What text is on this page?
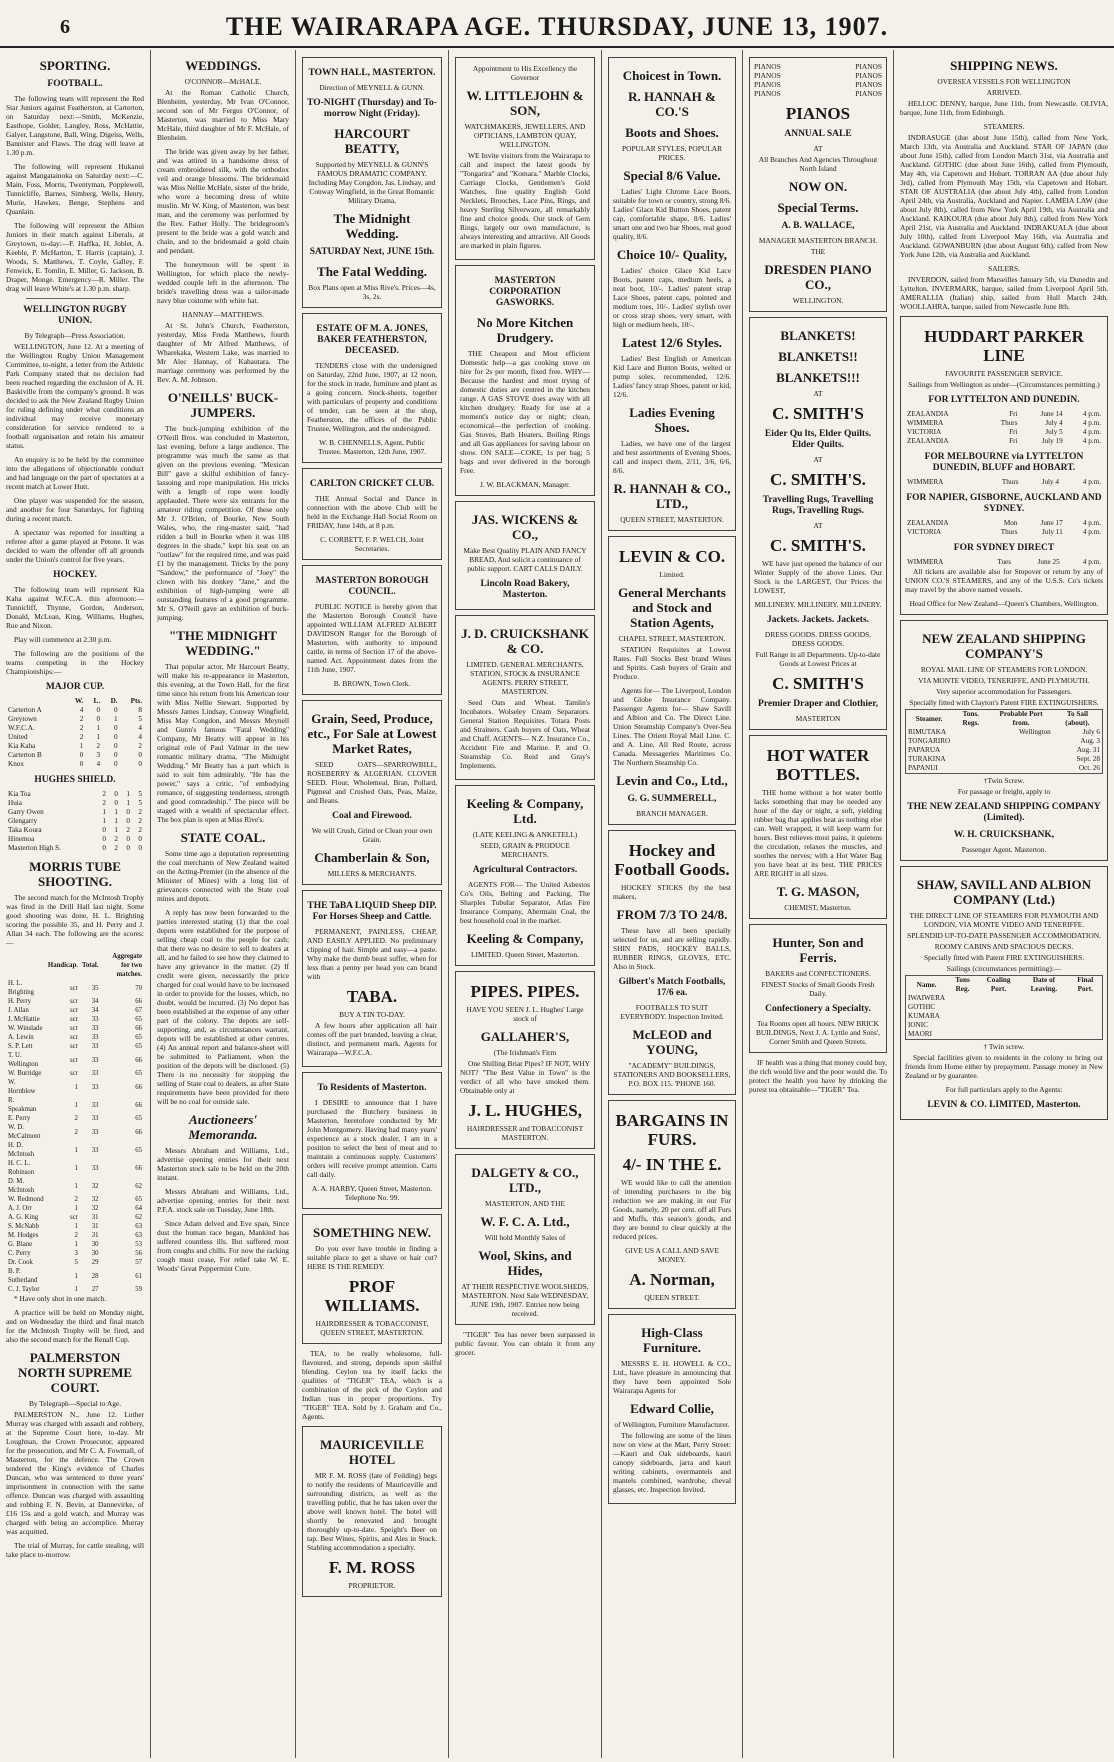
6	THE WAIRARAPA AGE. THURSDAY, JUNE 13, 1907.
SPORTING.
FOOTBALL.

The following team will represent the Red Star Juniors against Featherston, at Carterton, on Saturday next:—Smith, McKenzie, Easthope, Golder, Langley, Ross, McHattie, Galyer, Langstone, Ball, Wing, Digeiss, Wells, Bannister and Flaws. The drag will leave at 1.30 p.m.

The following will represent Hukanui against Mangatainoka on Saturday next:—C. Main, Foss, Morris, Twentyman, Popplewell, Tunnicliffe, Barnes, Simberg, Wells, Henry, Murie, Hawkes, Benge, Stephens and Quanlain.

The following will represent the Albion Juniors in their match against Liberals, at Greytown, to-day:—F. Haffka, H. Joblet, A. Keeble, P. McHarton, T. Harris (captain), J. Woods, S. Matthews, T. Coyle, Galley, F. Fenwick, E. Tomlin, E. Miller, G. Jackson, B. Draper, Monge. Emergency—R. Miller. The drag will leave White's at 1.30 p.m. sharp.

WELLINGTON RUGBY UNION.
By Telegraph—Press Association.

WELLINGTON, June 12. At a meeting of the Wellington Rugby Union Management Committee, to-night, a letter from the Athletic Park Company stated that no decision had been reached regarding the exclusion of A. H. Baskiville from the company's ground. It was decided to ask the New Zealand Rugby Union for ruling defining under what conditions an individual may receive monetary consideration for service rendered to a football organisation and retain his amateur status.

An enquiry is to be held by the committee into the allegations of objectionable conduct and bad language on the part of spectators at a recent match at Lower Hutt.

One player was suspended for the season, and another for four Saturdays, for fighting during a recent match.

A spectator was reported for insulting a referee after a game played at Petone. It was decided to warn the offender off all grounds under the Union's control for five years.

HOCKEY.

The following team will represent Kia Kaha against W.F.C.A. this afternoon:—Tunnicliff, Thynne, Gordon, Anderson, Donald, McLean, King, Williams, Hughes, Rue and Nixon.

Play will commence at 2.30 p.m.

The following are the positions of the teams competing in the Hockey Championships:—

MAJOR CUP.
	W.	L.	D.	Pts.
Carterton A	4	0	0	8
Greytown	2	0	1	5
W.F.C.A.	2	1	0	4
United	2	1	0	4
Kia Kaha	1	2	0	2
Carterton B	0	3	0	0
Knox	0	4	0	0
HUGHES SHIELD.
Kia Toa	2	0	1	5
Huia	2	0	1	5
Garry Owen	1	1	0	2
Glengarry	1	1	0	2
Taka Koura	0	1	2	2
Hinemoa	0	2	0	0
Masterton High S.	0	2	0	0
MORRIS TUBE SHOOTING.

The second match for the McIntosh Trophy was fired in the Drill Hall last night. Some good shooting was done, H. L. Brighting scoring the possible 35, and H. Perry and J. Allan 34 each. The following are the scores:—

	Handicap.	Total.	Aggregate for two matches.
H. L. Brighting	scr	35	70
H. Perry	scr	34	66
J. Allan	scr	34	67
J. McHattie	scr	33	65
W. Winslade	scr	33	66
A. Lewin	scr	33	65
S. P. Lett	scr	33	65
T. U. Wellington	scr	33	66
W. Burridge	scr	33	65
W. Hornblow	1	33	66
R. Speakman	1	33	66
E. Perry	2	33	65
W. D. McCalmont	2	33	66
H. D. McIntosh	1	33	65
H. C. L. Robinson	1	33	66
D. M. McIntosh	1	32	62
W. Redmond	2	32	65
A. J. Orr	1	32	64
A. G. King	scr	31	62
S. McNabb	1	31	63
M. Hodges	2	31	63
G. Blane	1	30	53
C. Perry	3	30	56
Dr. Cook	5	29	57
B. P. Sutherland	1	28	61
C. J. Taylor	1	27	59

* Have only shot in one match.

A practice will be held on Monday night, and on Wednesday the third and final match for the McIntosh Trophy will be fired, and also the second match for the Renall Cup.

PALMERSTON NORTH SUPREME COURT.
By Telegraph—Special to Age.

PALMERSTON N., June 12. Luther Murray was charged with assault and robbery, at the Supreme Court here, to-day. Mr Loughnan, the Crown Prosecutor, appeared for the prosecution, and Mr C. A. Fowmall, of Masterton, for the defence. The Crown tendered the King's evidence of Charles Duncan, who was sentenced to three years' imprisonment in connection with the same offence. Duncan was charged with assaulting and robbing F. N. Bevin, at Dannevirke, of £16 15s and a gold watch, and Murray was charged with being an accomplice. Murray was acquitted.

The trial of Murray, for cattle stealing, will take place to-morrow.

WEDDINGS.
O'CONNOR—McHALE.

At the Roman Catholic Church, Blenheim, yesterday, Mr Ivan O'Connor, second son of Mr Fergus O'Connor, of Masterton, was married to Miss Mary McHale, third daughter of Mr F. McHale, of Blenheim.

The bride was given away by her father, and was attired in a handsome dress of cream embroidered silk, with the orthodox veil and orange blossoms. The bridesmaid was Miss Nellie McHale, sister of the bride, who wore a becoming dress of white muslin. Mr W. King, of Masterton, was best man, and the ceremony was performed by the Rev. Father Holly. The bridegroom's present to the bride was a gold watch and chain, and to the bridesmaid a gold chain and pendant.

The honeymoon will be spent in Wellington, for which place the newly-wedded couple left in the afternoon. The bride's travelling dress was a tailor-made navy blue costume with white hat.

HANNAY—MATTHEWS.

At St. John's Church, Featherston, yesterday, Miss Freda Matthews, fourth daughter of Mr Alfred Matthews, of Wharekaka, Western Lake, was married to Mr Alec Hannay, of Kahautara. The marriage ceremony was performed by the Rev. A. M. Johnson.

O'NEILLS' BUCK-JUMPERS.

The buck-jumping exhibition of the O'Neill Bros. was concluded in Masterton, last evening, before a large audience. The programme was much the same as that given on the previous evening. "Mexican Bill" gave a skilful exhibition of fancy-lassoing and rope manipulation. His tricks with a length of rope were loudly applauded. There were six entrants for the amateur riding competition. Of these only Mr J. O'Brien, of Bourke, New South Wales, who, the ring-master said, "had ridden a bull in Bourke when it was 108 degrees in the shade," kept his seat on an "outlaw" for the required time, and was paid £1 by the management. Tricks by the pony "Sandow," the performance of "Joey" the clown with his donkey "Jane," and the exhibition of high-jumping were all outstanding features of a good programme. Mr S. O'Neill gave an exhibition of buck-jumping.

"THE MIDNIGHT WEDDING."

That popular actor, Mr Harcourt Beatty, will make his re-appearance in Masterton, this evening, at the Town Hall, for the first time since his return from his American tour with Miss Nellie Stewart. Supported by Messrs James Lindsay, Conway Wingfield, Miss May Congdon, and Messrs Meynell and Gunn's famous "Fatal Wedding" Company, Mr Beatty will appear in his original role of Paul Valmar in the new romantic military drama, "The Midnight Wedding." Mr Beatty has a part which is said to suit him admirably. "He has the power," says a critic, "of embodying romance, of suggesting tenderness, strength and good comradeship." The piece will be staged with a wealth of spectacular effect. The box plan is open at Miss Rive's.

STATE COAL.

Some time ago a deputation representing the coal merchants of New Zealand waited on the Acting-Premier (in the absence of the Minister of Mines) with a long list of grievances connected with the State coal mines and depots.

A reply has now been forwarded to the parties interested stating (1) that the coal depots were established for the purpose of selling cheap coal to the people for cash; that there was no desire to sell to dealers at all, and he failed to see how they claimed to have any grievance in the matter. (2) If credit were given, necessarily the price charged for coal would have to be increased in order to provide for the losses, which, no doubt, would be incurred. (3) No depot has been established at the expense of any other part of the colony. The depots are self-supporting, and, as circumstances warrant, depots will be established at other centres. (4) An annual report and balance-sheet will be submitted to Parliament, when the position of the depots will be disclosed. (5) There is no necessity for stopping the selling of State coal to dealers, as after State requirements have been provided for there will be no coal for outside sale.

Auctioneers' Memoranda.

Messrs Abraham and Williams, Ltd., advertise opening entries for their next Masterton stock sale to be held on the 20th instant.

Messrs Abraham and Williams, Ltd., advertise opening entries for their next P.F.A. stock sale on Tuesday, June 18th.

Since Adam delved and Eve span, Since dust the human race began, Mankind has suffered countless ills. But suffered most from coughs and chills. For now the racking cough must cease, For relief take W. E. Woods' Great Peppermint Cure.

TOWN HALL, MASTERTON.
Direction of MEYNELL & GUNN.
TO-NIGHT (Thursday) and To-morrow Night (Friday).
HARCOURT BEATTY,
Supported by MEYNELL & GUNN'S FAMOUS DRAMATIC COMPANY. Including May Congdon, Jas. Lindsay, and Conway Wingfield, in the Great Romantic Military Drama,
The Midnight Wedding.
SATURDAY Next, JUNE 15th.
The Fatal Wedding.
Box Plans open at Miss Rive's. Prices—4s, 3s, 2s.
ESTATE OF M. A. JONES, BAKER FEATHERSTON, DECEASED.

TENDERS close with the undersigned on Saturday, 22nd June, 1907, at 12 noon, for the stock in trade, furniture and plant as a going concern. Stock-sheets, together with particulars of property and conditions of tender, can be seen at the shop, Featherston, the offices of the Public Trustee, Wellington, and the undersigned.

W. B. CHENNELLS, Agent, Public Trustee. Masterton, 12th June, 1907.
CARLTON CRICKET CLUB.

THE Annual Social and Dance in connection with the above Club will be held in the Exchange Hall Social Room on FRIDAY, June 14th, at 8 p.m.

C. CORBETT, F. P. WELCH, Joint Secretaries.
MASTERTON BOROUGH COUNCIL.

PUBLIC NOTICE is hereby given that the Masterton Borough Council have appointed WILLIAM ALFRED ALBERT DAVIDSON Ranger for the Borough of Masterton, with authority to impound cattle, in terms of Section 17 of the above-named Act. Appointment dates from the 11th June, 1907.

B. BROWN, Town Clerk.
Grain, Seed, Produce, etc., For Sale at Lowest Market Rates,

SEED OATS—SPARROWBILL, ROSEBERRY & ALGERIAN. CLOVER SEED. Flour, Wholemeal, Bran, Pollard, Pigmeal and Crushed Oats, Peas, Maize, and Beans.

Coal and Firewood.
We will Crush, Grind or Clean your own Grain.
Chamberlain & Son,
MILLERS & MERCHANTS.
THE TaBA LIQUID Sheep DIP. For Horses Sheep and Cattle.

PERMANENT, PAINLESS, CHEAP, AND EASILY APPLIED. No preliminary clipping of hair. Simple and easy—a paste. Why make the dumb beast suffer, when for less than a penny per head you can brand with

TABA.
BUY A TIN TO-DAY.

A few hours after application all hair comes off the part branded, leaving a clear, distinct, and permanent mark. Agents for Wairarapa—W.F.C.A.

To Residents of Masterton.

I DESIRE to announce that I have purchased the Butchery business in Masterton, heretofore conducted by Mr John Montgomery. Having had many years' experience as a stock dealer, I am in a position to select the best of meat and to maintain a continuous supply. Customers' orders will receive prompt attention. Carts call daily.

A. A. HARBY, Queen Street, Masterton. Telephone No. 99.
SOMETHING NEW.

Do you ever have trouble in finding a suitable place to get a shave or hair cut? HERE IS THE REMEDY.

PROF WILLIAMS.
HAIRDRESSER & TOBACCONIST, QUEEN STREET, MASTERTON.

TEA, to be really wholesome, full-flavoured, and strong, depends upon skilful blending. Ceylon tea by itself lacks the qualities of "TIGER" TEA, which is a combination of the pick of the Ceylon and Indian teas in proper proportions. Try "TIGER" TEA. Sold by J. Graham and Co., Agents.

MAURICEVILLE HOTEL

MR F. M. ROSS (late of Feilding) begs to notify the residents of Mauriceville and surrounding districts, as well as the travelling public, that he has taken over the above well known hotel. The hotel will shortly be renovated and brought thoroughly up-to-date. Speight's Beer on tap. Best Wines, Spirits, and Ales in Stock. Stabling accommodation a specialty.

F. M. ROSS
PROPRIETOR.
Appointment to His Excellency the Governor
W. LITTLEJOHN & SON,
WATCHMAKERS, JEWELLERS, AND OPTICIANS, LAMBTON QUAY, WELLINGTON.

WE Invite visitors from the Wairarapa to call and inspect the latest goods by "Tongarira" and "Komara." Marble Clocks, Carriage Clocks, Gentlemen's Gold Watches, fine quality English Gold Necklets, Brooches, Lace Pins, Rings, and heavy Sterling Silverware, all remarkably fine and choice goods. Our stock of Gem Rings, largely our own manufacture, is always interesting and attractive. All Goods are marked in plain figures.

MASTERTON CORPORATION GASWORKS.
No More Kitchen Drudgery.

THE Cheapest and Most efficient Domestic help—a gas cooking stove on hire for 2s per month, fixed free. WHY—Because the hardest and most trying of domestic duties are centred in the kitchen range. A GAS STOVE does away with all kitchen drudgery. Ready for use at a moment's notice day or night; clean, economical—the perfection of cooking. Gas Stoves, Bath Heaters, Boiling Rings and all Gas appliances for saving labour on show. ON SALE—COKE, 1s per bag; 5 bags and over delivered in the borough Free.

J. W. BLACKMAN, Manager.
JAS. WICKENS & CO.,
Make Best Quality PLAIN AND FANCY BREAD, And solicit a continuance of public support. CART CALLS DAILY.
Lincoln Road Bakery, Masterton.
J. D. CRUICKSHANK & CO.
LIMITED. GENERAL MERCHANTS, STATION, STOCK & INSURANCE AGENTS. PERRY STREET, MASTERTON.

Seed Oats and Wheat. Tamlin's Incubators. Wolseley Cream Separators. General Station Requisites. Totara Posts and Strainers. Cash buyers of Oats, Wheat and Chaff. AGENTS— N.Z. Insurance Co., Accident Fire and Marine. P. and O. Steamship Co. Reid and Gray's Implements.

Keeling & Company, Ltd.
(LATE KEELING & ANKETELL)
SEED, GRAIN & PRODUCE MERCHANTS.
Agricultural Contractors.

AGENTS FOR— The United Asbestos Co's Oils, Belting and Packing, The Sharples Tubular Separator, Atlas Fire Insurance Company, Abermain Coal, the best household coal in the market.

Keeling & Company,
LIMITED. Queen Street, Masterton.
PIPES. PIPES.
HAVE YOU SEEN J. L. Hughes' Large stock of
GALLAHER'S,
(The Irishman's Firm

One Shilling Briar Pipes? IF NOT, WHY NOT? "The Best Value in Town" is the verdict of all who have smoked them. Obtainable only at

J. L. HUGHES,
HAIRDRESSER and TOBACCONIST MASTERTON.
DALGETY & CO., LTD.,
MASTERTON, AND THE
W. F. C. A. Ltd.,
Will hold Monthly Sales of
Wool, Skins, and Hides,
AT THEIR RESPECTIVE WOOLSHEDS, MASTERTON. Next Sale WEDNESDAY, JUNE 19th, 1907. Entries now being received.

"TIGER" Tea has never been surpassed in public favour. You can obtain it from any grocer.

Choicest in Town.
R. HANNAH & CO.'S
Boots and Shoes.
POPULAR STYLES, POPULAR PRICES.
Special 8/6 Value.

Ladies' Light Chrome Lace Boots, suitable for town or country, strong 8/6. Ladies' Glace Kid Button Shoes, patent cap, comfortable shape, 8/6. Ladies' smart one and two bar Shoes, real good quality, 8/6.

Choice 10/- Quality,

Ladies' choice Glace Kid Lace Boots, patent caps, medium heels, a neat boot, 10/-. Ladies' patent strap Lace Shoes, patent caps, pointed and medium toes, 10/-. Ladies' stylish over or cross strap shoes, very smart, with high or medium heels, 10/-.

Latest 12/6 Styles.

Ladies' Best English or American Kid Lace and Button Boots, welted or pump soles, recommended, 12/6. Ladies' fancy strap Shoes, patent or kid, 12/6.

Ladies Evening Shoes.

Ladies, we have one of the largest and best assortments of Evening Shoes, call and inspect them, 2/11, 3/6, 6/6, 8/6.

R. HANNAH & CO., LTD.,
QUEEN STREET, MASTERTON.
LEVIN & CO.
Limited.
General Merchants and Stock and Station Agents,
CHAPEL STREET, MASTERTON.

STATION Requisites at Lowest Rates. Full Stocks Best brand Wines and Spirits. Cash buyers of Grain and Produce.

Agents for— The Liverpool, London and Globe Insurance Company. Passenger Agents for— Shaw Savill and Albion and Co. The Direct Line. Union Steamship Company's Over-Sea Lines. The Orient Royal Mail Line. C. and A. Line, All Red Route, across Canada. Messageries Maritimes Co. The Northern Steamship Co.

Levin and Co., Ltd.,
G. G. SUMMERELL,
BRANCH MANAGER.
Hockey and Football Goods.

HOCKEY STICKS (by the best makers,

FROM 7/3 TO 24/8.

These have all been specially selected for us, and are selling rapidly. SHIN PADS, HOCKEY BALLS, RUBBER RINGS, GLOVES, ETC. Also in Stock.

Gilbert's Match Footballs, 17/6 ea.
FOOTBALLS TO SUIT EVERYBODY. Inspection Invited.
McLEOD and YOUNG,
"ACADEMY" BUILDINGS, STATIONERS AND BOOKSELLERS, P.O. BOX 115. 'PHONE 160.
BARGAINS IN FURS.
4/- IN THE £.

WE would like to call the attention of intending purchasers to the big reduction we are making in our Fur Goods, namely, 20 per cent. off all Furs and Muffs, this season's goods, and they are bound to clear quickly at the reduced prices.

GIVE US A CALL AND SAVE MONEY.
A. Norman,
QUEEN STREET.
High-Class Furniture.

MESSRS E. H. HOWELL & CO., Ltd., have pleasure in announcing that they have been appointed Sole Wairarapa Agents for

Edward Collie,
of Wellington, Furniture Manufacturer.

The following are some of the lines now on view at the Mart, Perry Street:—Kauri and Oak sideboards, kauri canopy sideboards, jarra and kauri writing cabinets, overmantels and mantels combined, wardrobe, cheval glasses, etc. Inspection Invited.

PIANOS	PIANOS
PIANOS	PIANOS
PIANOS	PIANOS
PIANOS	PIANOS
PIANOS
ANNUAL SALE
AT
All Branches And Agencies Throughout North Island
NOW ON.
Special Terms.
A. B. WALLACE,
MANAGER MASTERTON BRANCH.
THE
DRESDEN PIANO CO.,
WELLINGTON.
BLANKETS!
BLANKETS!!
BLANKETS!!!
AT
C. SMITH'S
Eider Qu lts, Elder Quilts. Elder Quilts.
AT
C. SMITH'S.
Travelling Rugs, Travelling Rugs, Travelling Rugs.
AT
C. SMITH'S.

WE have just opened the balance of our Winter Supply of the above Lines. Our Stock is the LARGEST, Our Prices the LOWEST,

MILLINERY. MILLINERY. MILLINERY.
Jackets. Jackets. Jackets.
DRESS GOODS. DRESS GOODS. DRESS GOODS.
Full Range in all Departments. Up-to-date Goods at Lowest Prices at
C. SMITH'S
Premier Draper and Clothier,
MASTERTON
HOT WATER BOTTLES.

THE home without a hot water bottle lacks something that may be needed any hour of the day or night, a soft, yielding rubber bag that applies heat as nothing else can. Well wrapped, it will keep warm for hours. Best relieves most pains, it quietens the circulation, relaxes the muscles, and soothes the nerves; with a Hot Water Bag you have heat at its best. THE PRICES ARE RIGHT in all sizes.

T. G. MASON,
CHEMIST, Masterton.
Hunter, Son and Ferris.
BAKERS and CONFECTIONERS.
FINEST Stocks of Small Goods Fresh Daily.
Confectionery a Specialty.
Tea Rooms open all hours. NEW BRICK BUILDINGS, Next J. A. Lyttle and Sons', Corner Smith and Queen Streets.

IF health was a thing that money could buy, the rich would live and the poor would die. To protect the health you have by drinking the purest tea obtainable—"TIGER" Tea.

SHIPPING NEWS.
OVERSEA VESSELS FOR WELLINGTON
ARRIVED.

HELLOC DENNY, barque, June 11th, from Newcastle. OLIVIA, barque, June 11th, from Edinburgh.

STEAMERS.

INDRASUGE (due about June 15th), called from New York, March 13th, via Australia and Auckland. STAR OF JAPAN (due about June 15th), called from London March 31st, via Australia and Auckland. GOTHIC (due about June 16th), called from Plymouth, May 4th, via Capetown and Hobart. TORRAN AA (due about July 3rd), called from Plymouth May 15th, via Capetown and Hobart. STAR OF AUSTRALIA (due about July 4th), called from London April 24th, via Australia, Auckland and Napier. LAMEIA LAW (due about July 8th), called from New York April 19th, via Australia and Auckland. KAIKOURA (due about July 8th), called from New York April 21st, via Australia and Auckland. INDRAKUALA (due about July 10th), called from Liverpool May 16th, via Australia and Auckland. GOWANBURN (due about August 6th), called from New York June 12th, via Australia and Auckland.

SAILERS.

INVERDON, sailed from Marseilles January 5th, via Dunedin and Lyttelton. INVERMARK, barque, sailed from Liverpool April 5th. AMERALLIA (Italian) ship, sailed from Hull March 24th. WOOLLAHRA, barque, sailed from Newcastle June 8th.

HUDDART PARKER LINE
FAVOURITE PASSENGER SERVICE.
Sailings from Wellington as under—(Circumstances permitting.)
FOR LYTTELTON AND DUNEDIN.
ZEALANDIA	Fri	June 14	4 p.m.
WIMMERA	Thurs	July 4	4 p.m.
VICTORIA	Fri	July 5	4 p.m.
ZEALANDIA	Fri	July 19	4 p.m.
FOR MELBOURNE via LYTTELTON DUNEDIN, BLUFF and HOBART.
WIMMERA	Thurs	July 4	4 p.m.
FOR NAPIER, GISBORNE, AUCKLAND AND SYDNEY.
ZEALANDIA	Mon	June 17	4 p.m.
VICTORIA	Thurs	July 11	4 p.m.
FOR SYDNEY DIRECT
WIMMERA	Tues	June 25	4 p.m.

All tickets are available also for Stopover or return by any of UNION CO.'S STEAMERS, and any of the U.S.S. Co's tickets may travel by the above named vessels.

Head Office for New Zealand—Queen's Chambers, Wellington.
NEW ZEALAND SHIPPING COMPANY'S
ROYAL MAIL LINE OF STEAMERS FOR LONDON.
VIA MONTE VIDEO, TENERIFFE, AND PLYMOUTH.
Very superior accommodation for Passengers.
Specially fitted with Clayton's Patent FIRE EXTINGUISHERS.
Steamer.	Tons. Regs.	Probable Port from.	To Sail (about).
RIMUTAKA		Wellington	July 6
TONGARIRO			Aug. 3
PAPARUA			Aug. 31
TURAKINA			Sept. 28
PAPANUI			Oct. 26
†Twin Screw.
For passage or freight, apply to
THE NEW ZEALAND SHIPPING COMPANY (Limited).
W. H. CRUICKSHANK,
Passenger Agent. Masterton.
SHAW, SAVILL AND ALBION COMPANY (Ltd.)
THE DIRECT LINE OF STEAMERS FOR PLYMOUTH AND LONDON, VIA MONTE VIDEO AND TENERIFFE.
SPLENDID UP-TO-DATE PASSENGER ACCOMMODATION.
ROOMY CABINS AND SPACIOUS DECKS.
Specially fitted with Patent FIRE EXTINGUISHERS.
Sailings (circumstances permitting):—
Name.	Tons Reg.	Coaling Port.	Date of Leaving.	Final Port.
IWAIWERA				
GOTHIC				
KUMARA				
IONIC				
MAORI				
† Twin screw.

Special facilities given to residents in the colony to bring out friends from Home either by prepayment. Passage money in New Zealand or by guarantee.

For full particulars apply to the Agents:
LEVIN & CO. LIMITED, Masterton.
